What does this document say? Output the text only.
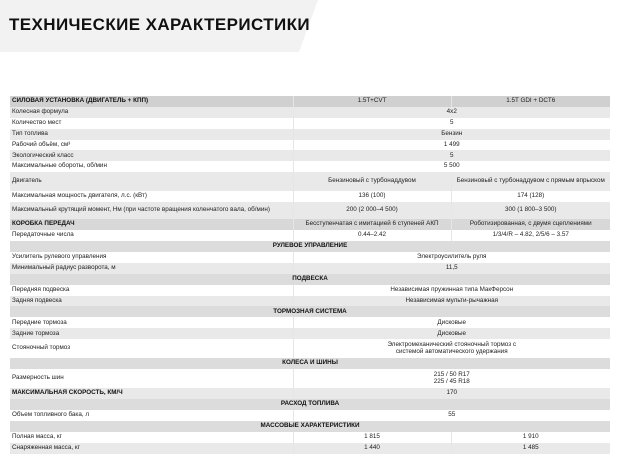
ТЕХНИЧЕСКИЕ ХАРАКТЕРИСТИКИ
СИЛОВАЯ УСТАНОВКА (ДВИГАТЕЛЬ + КПП)	1.5T+CVT	1.5T GDI + DCT6
Колесная формула	4x2	
Количество мест	5	
Тип топлива	Бензин	
Рабочий объём, см³	1 499	
Экологический класс	5	
Максимальные обороты, об/мин	5 500	
Двигатель	Бензиновый с турбонаддувом	Бензиновый с турбонаддувом с прямым впрыском
Максимальная мощность двигателя, л.с. (кВт)	136 (100)	174 (128)
Максимальный крутящий момент, Нм (при частоте вращения коленчатого вала, об/мин)	200 (2 000–4 500)	300 (1 800–3 500)
КОРОБКА ПЕРЕДАЧ	Бесступенчатая с имитацией 6 ступеней АКП	Роботизированная, с двумя сцеплениями
Передаточные числа	0.44–2.42	1/3/4/R – 4.82, 2/5/6 – 3.57
РУЛЕВОЕ УПРАВЛЕНИЕ		
Усилитель рулевого управления	Электроусилитель руля	
Минимальный радиус разворота, м	11,5	
ПОДВЕСКА		
Передняя подвеска	Независимая пружинная типа МакФерсон	
Задняя подвеска	Независимая мульти-рычажная	
ТОРМОЗНАЯ СИСТЕМА		
Передние тормоза	Дисковые	
Задние тормоза	Дисковые	
Стояночный тормоз	Электромеханический стояночный тормоз с системой автоматического удержания	
КОЛЕСА И ШИНЫ		
Размерность шин	215 / 50 R17
225 / 45 R18	
МАКСИМАЛЬНАЯ СКОРОСТЬ, КМ/Ч	170	
РАСХОД ТОПЛИВА		
Объем топливного бака, л	55	
МАССОВЫЕ ХАРАКТЕРИСТИКИ		
Полная масса, кг	1 815	1 910
Снаряженная масса, кг	1 440	1 485
